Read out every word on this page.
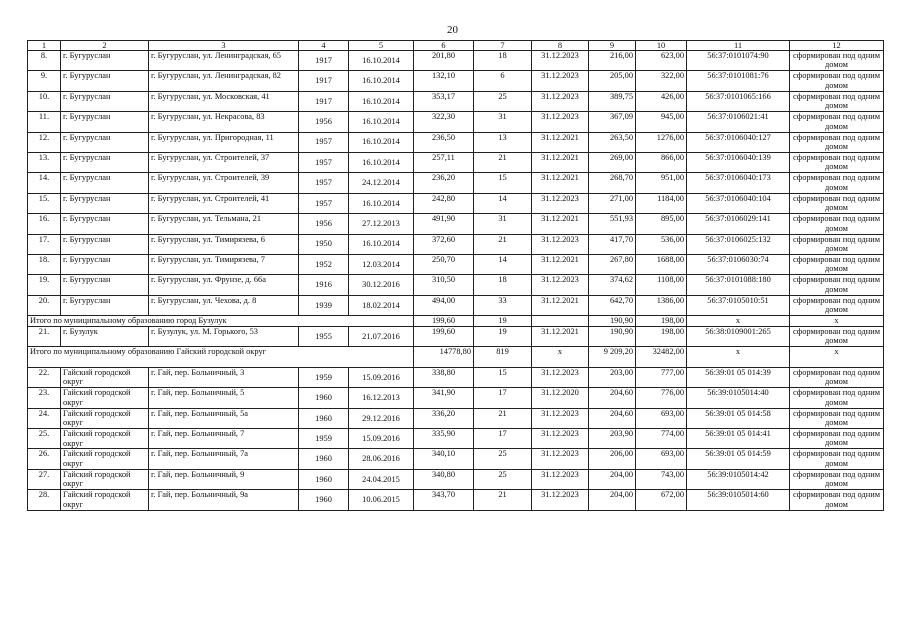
20
1	2	3	4	5	6	7	8	9	10	11	12
8.	г. Бугуруслан	г. Бугуруслан, ул. Ленинградская, 65	1917	16.10.2014	201,80	18	31.12.2023	216,00	623,00	56:37:0101074:90	сформирован под одним домом
9.	г. Бугуруслан	г. Бугуруслан, ул. Ленинградская, 82	1917	16.10.2014	132,10	6	31.12.2023	205,00	322,00	56:37:0101081:76	сформирован под одним домом
10.	г. Бугуруслан	г. Бугуруслан, ул. Московская, 41	1917	16.10.2014	353,17	25	31.12.2023	389,75	426,00	56:37:0101065:166	сформирован под одним домом
11.	г. Бугуруслан	г. Бугуруслан, ул. Некрасова, 83	1956	16.10.2014	322,30	31	31.12.2023	367,09	945,00	56:37:0106021:41	сформирован под одним домом
12.	г. Бугуруслан	г. Бугуруслан, ул. Пригородная, 11	1957	16.10.2014	236,50	13	31.12.2021	263,50	1276,00	56:37:0106040:127	сформирован под одним домом
13.	г. Бугуруслан	г. Бугуруслан, ул. Строителей, 37	1957	16.10.2014	257,11	21	31.12.2021	269,00	866,00	56:37:0106040:139	сформирован под одним домом
14.	г. Бугуруслан	г. Бугуруслан, ул. Строителей, 39	1957	24.12.2014	236,20	15	31.12.2021	268,70	951,00	56:37:0106040:173	сформирован под одним домом
15.	г. Бугуруслан	г. Бугуруслан, ул. Строителей, 41	1957	16.10.2014	242,80	14	31.12.2023	271,00	1184,00	56:37:0106040:104	сформирован под одним домом
16.	г. Бугуруслан	г. Бугуруслан, ул. Тельмана, 21	1956	27.12.2013	491,90	31	31.12.2021	551,93	895,00	56:37:0106029:141	сформирован под одним домом
17.	г. Бугуруслан	г. Бугуруслан, ул. Тимирязева, 6	1950	16.10.2014	372,60	21	31.12.2023	417,70	536,00	56:37:0106025:132	сформирован под одним домом
18.	г. Бугуруслан	г. Бугуруслан, ул. Тимирязева, 7	1952	12.03.2014	250,70	14	31.12.2021	267,80	1688,00	56:37:0106030:74	сформирован под одним домом
19.	г. Бугуруслан	г. Бугуруслан, ул. Фрунзе, д. 66а	1916	30.12.2016	310,50	18	31.12.2023	374,62	1108,00	56:37:0101088:180	сформирован под одним домом
20.	г. Бугуруслан	г. Бугуруслан, ул. Чехова, д. 8	1939	18.02.2014	494,00	33	31.12.2021	642,70	1386,00	56:37:0105010:51	сформирован под одним домом
Итого по муниципальному образованию город Бузулук					199,60	19		190,90	198,00	х	х
21.	г. Бузулук	г. Бузулук, ул. М. Горького, 53	1955	21.07.2016	199,60	19	31.12.2021	190,90	198,00	56:38:0109001:265	сформирован под одним домом
Итого по муниципальному образованию Гайский городской округ					14778,80	819	х	9 209,20	32482,00	х	х
22.	Гайский городской округ	г. Гай, пер. Больничный, 3	1959	15.09.2016	338,80	15	31.12.2023	203,00	777,00	56:39:01 05 014:39	сформирован под одним домом
23.	Гайский городской округ	г. Гай, пер. Больничный, 5	1960	16.12.2013	341,90	17	31.12.2020	204,60	776,00	56:39:0105014:40	сформирован под одним домом
24.	Гайский городской округ	г. Гай, пер. Больничный, 5а	1960	29.12.2016	336,20	21	31.12.2023	204,60	693,00	56:39:01 05 014:58	сформирован под одним домом
25.	Гайский городской округ	г. Гай, пер. Больничный, 7	1959	15.09.2016	335,90	17	31.12.2023	203,90	774,00	56:39:01 05 014:41	сформирован под одним домом
26.	Гайский городской округ	г. Гай, пер. Больничный, 7а	1960	28.06.2016	340,10	25	31.12.2023	206,00	693,00	56:39:01 05 014:59	сформирован под одним домом
27.	Гайский городской округ	г. Гай, пер. Больничный, 9	1960	24.04.2015	340,80	25	31.12.2023	204,00	743,00	56:39:0105014:42	сформирован под одним домом
28.	Гайский городской округ	г. Гай, пер. Больничный, 9а	1960	10.06.2015	343,70	21	31.12.2023	204,00	672,00	56:39:0105014:60	сформирован под одним домом
